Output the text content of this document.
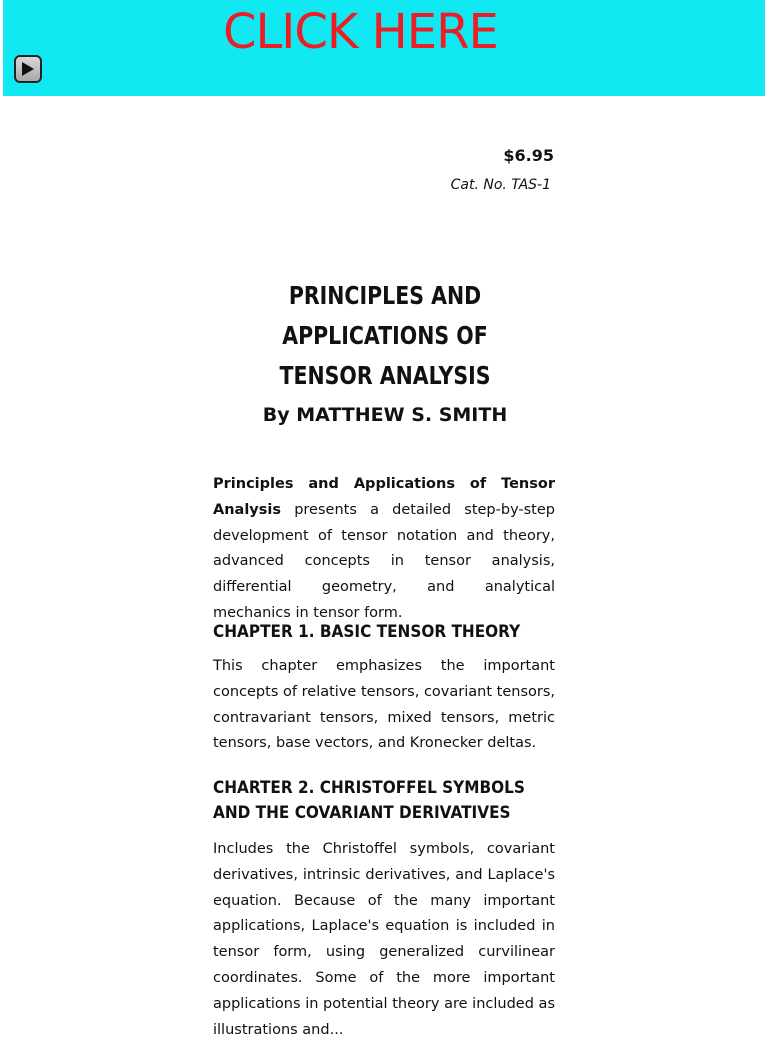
CLICK HERE
$6.95
Cat. No. TAS-1
PRINCIPLES AND APPLICATIONS OF
TENSOR ANALYSIS
By MATTHEW S. SMITH

Principles and Applications of Tensor Analysis presents a detailed step-by-step development of tensor notation and theory, advanced concepts in tensor analysis, differential geometry, and analytical mechanics in tensor form.

CHAPTER 1. BASIC TENSOR THEORY

This chapter emphasizes the important concepts of relative tensors, covariant tensors, contravariant tensors, mixed tensors, metric tensors, base vectors, and Kronecker deltas.

CHARTER 2. CHRISTOFFEL SYMBOLS

AND THE COVARIANT DERIVATIVES

Includes the Christoffel symbols, covariant derivatives, intrinsic derivatives, and Laplace's equation. Because of the many important applications, Laplace's equation is included in tensor form, using generalized curvilinear coordinates. Some of the more important applications in potential theory are included as illustrations and...
